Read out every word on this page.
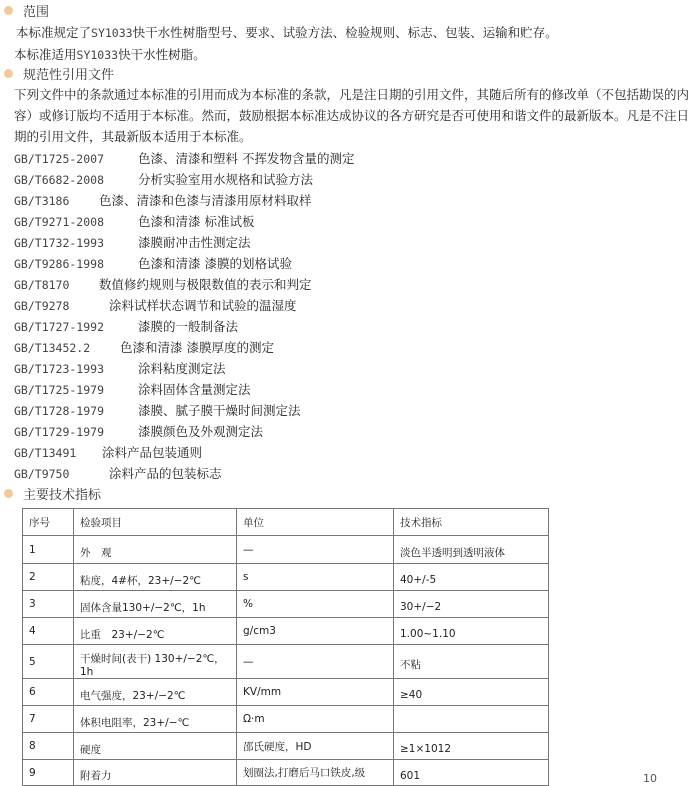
范围
本标准规定了SY1033快干水性树脂型号、要求、试验方法、检验规则、标志、包装、运输和贮存。
本标准适用SY1033快干水性树脂。
规范性引用文件
下列文件中的条款通过本标准的引用而成为本标准的条款，凡是注日期的引用文件，其随后所有的修改单（不包括勘误的内容）或修订版均不适用于本标准。然而，鼓励根据本标准达成协议的各方研究是否可使用和谐文件的最新版本。凡是不注日期的引用文件，其最新版本适用于本标准。
GB/T1725-2007	色漆、清漆和塑料 不挥发物含量的测定
GB/T6682-2008	分析实验室用水规格和试验方法
GB/T3186 色漆、清漆和色漆与清漆用原材料取样
GB/T9271-2008	色漆和清漆 标准试板
GB/T1732-1993	漆膜耐冲击性测定法
GB/T9286-1998	色漆和清漆 漆膜的划格试验
GB/T8170 数值修约规则与极限数值的表示和判定
GB/T9278	涂料试样状态调节和试验的温湿度
GB/T1727-1992	漆膜的一般制备法
GB/T13452.2 色漆和清漆 漆膜厚度的测定
GB/T1723-1993	涂料粘度测定法
GB/T1725-1979	涂料固体含量测定法
GB/T1728-1979	漆膜、腻子膜干燥时间测定法
GB/T1729-1979	漆膜颜色及外观测定法
GB/T13491 涂料产品包装通则
GB/T9750	涂料产品的包装标志
主要技术指标
序号	检验项目	单位	技术指标
1	外　观	—	淡色半透明到透明液体
2	粘度，4#杯，23+/−2℃	s	40+/-5
3	固体含量130+/−2℃，1h	%	30+/−2
4	比重　23+/−2℃	g/cm3	1.00~1.10
5	干燥时间(表干) 130+/−2℃，1h	—	不粘
6	电气强度，23+/−2℃	KV/mm	≥40
7	体积电阻率，23+/−℃	Ω·m	
8	硬度	邵氏硬度，HD	≥1×1012
9	附着力	划圈法,打磨后马口铁皮,级	601	10
